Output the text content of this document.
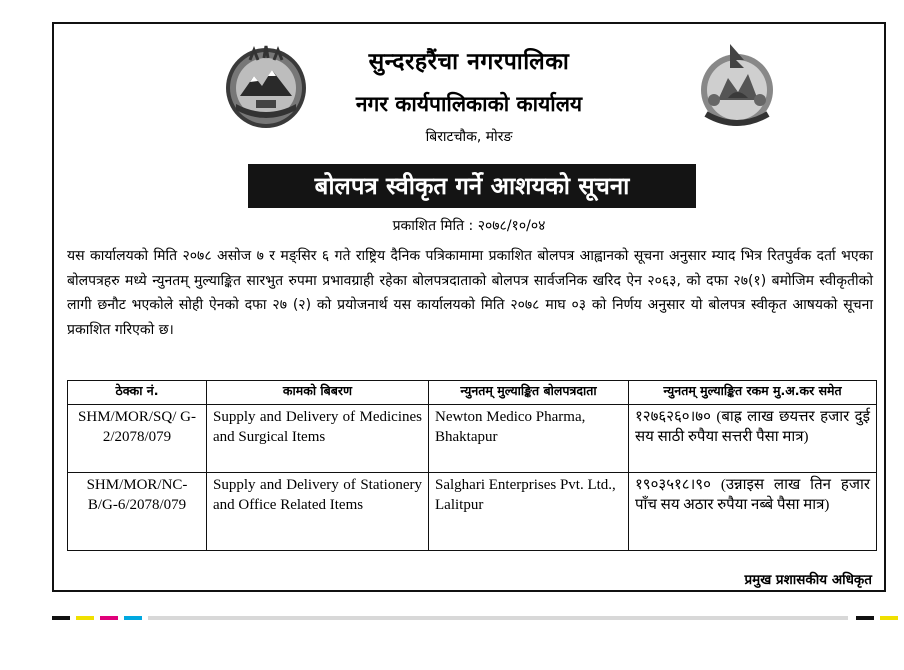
सुन्दरहरैंचा नगरपालिका
नगर कार्यपालिकाको कार्यालय
बिराटचौक, मोरङ
बोलपत्र स्वीकृत गर्ने आशयको सूचना
प्रकाशित मिति : २०७८/१०/०४
यस कार्यालयको मिति २०७८ असोज ७ र मङ्सिर ६ गते राष्ट्रिय दैनिक पत्रिकामामा प्रकाशित बोलपत्र आह्वानको सूचना अनुसार म्याद भित्र रितपुर्वक दर्ता भएका बोलपत्रहरु मध्ये न्युनतम् मुल्याङ्कित सारभुत रुपमा प्रभावग्राही रहेका बोलपत्रदाताको बोलपत्र सार्वजनिक खरिद ऐन २०६३, को दफा २७(१) बमोजिम स्वीकृतीको लागी छनौट भएकोले सोही ऐनको दफा २७ (२) को प्रयोजनार्थ यस कार्यालयको मिति २०७८ माघ ०३ को निर्णय अनुसार यो बोलपत्र स्वीकृत आषयको सूचना प्रकाशित गरिएको छ।
ठेक्का नं.	कामको बिबरण	न्युनतम् मुल्याङ्कित बोलपत्रदाता	न्युनतम् मुल्याङ्कित रकम मु.अ.कर समेत
SHM/MOR/SQ/ G-2/2078/079	Supply and Delivery of Medicines and Surgical Items	Newton Medico Pharma, Bhaktapur	१२७६२६०।७० (बाह्र लाख छयत्तर हजार दुई सय साठी रुपैया सत्तरी पैसा मात्र)
SHM/MOR/NC- B/G-6/2078/079	Supply and Delivery of Stationery and Office Related Items	Salghari Enterprises Pvt. Ltd., Lalitpur	१९०३५१८।९० (उन्नाइस लाख तिन हजार पाँच सय अठार रुपैया नब्बे पैसा मात्र)
प्रमुख प्रशासकीय अधिकृत
